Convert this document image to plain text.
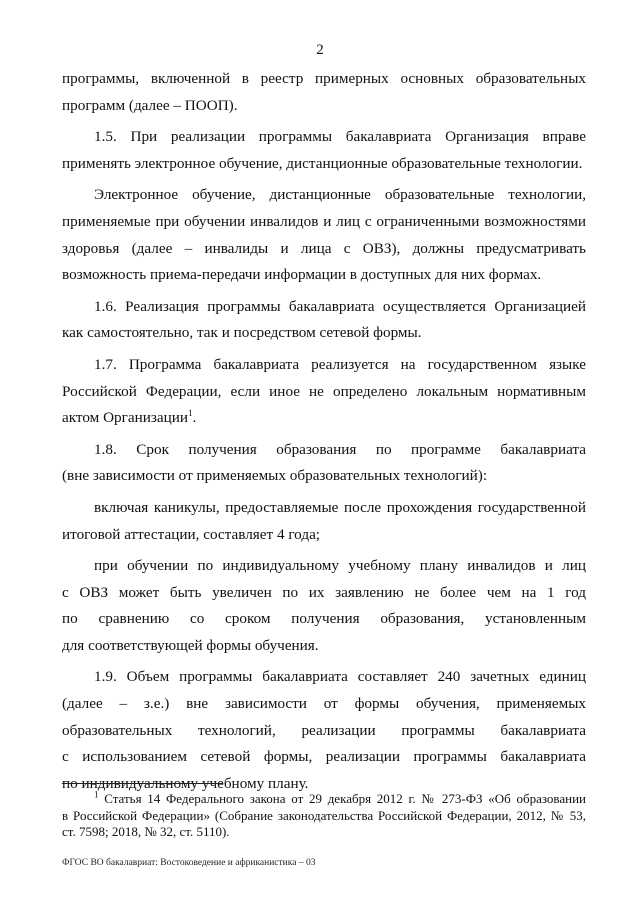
2

программы, включенной в реестр примерных основных образовательных
программ (далее – ПООП).

1.5. При реализации программы бакалавриата Организация вправе
применять электронное обучение, дистанционные образовательные технологии.

Электронное обучение, дистанционные образовательные технологии,
применяемые при обучении инвалидов и лиц с ограниченными возможностями
здоровья (далее – инвалиды и лица с ОВЗ), должны предусматривать
возможность приема-передачи информации в доступных для них формах.

1.6. Реализация программы бакалавриата осуществляется Организацией
как самостоятельно, так и посредством сетевой формы.

1.7. Программа бакалавриата реализуется на государственном языке
Российской Федерации, если иное не определено локальным нормативным
актом Организации$^1$.

1.8. Срок получения образования по программе бакалавриата
(вне зависимости от применяемых образовательных технологий):

включая каникулы, предоставляемые после прохождения государственной
итоговой аттестации, составляет 4 года;

при обучении по индивидуальному учебному плану инвалидов и лиц
с ОВЗ может быть увеличен по их заявлению не более чем на 1 год
по сравнению со сроком получения образования, установленным
для соответствующей формы обучения.

1.9. Объем программы бакалавриата составляет 240 зачетных единиц
(далее – з.е.) вне зависимости от формы обучения, применяемых
образовательных технологий, реализации программы бакалавриата
с использованием сетевой формы, реализации программы бакалавриата
по индивидуальному учебному плану.

$^1$ Статья 14 Федерального закона от 29 декабря 2012 г. № 273-ФЗ «Об образовании
в Российской Федерации» (Собрание законодательства Российской Федерации, 2012, № 53,
ст. 7598; 2018, № 32, ст. 5110).
ФГОС ВО бакалавриат: Востоковедение и африканистика – 03
